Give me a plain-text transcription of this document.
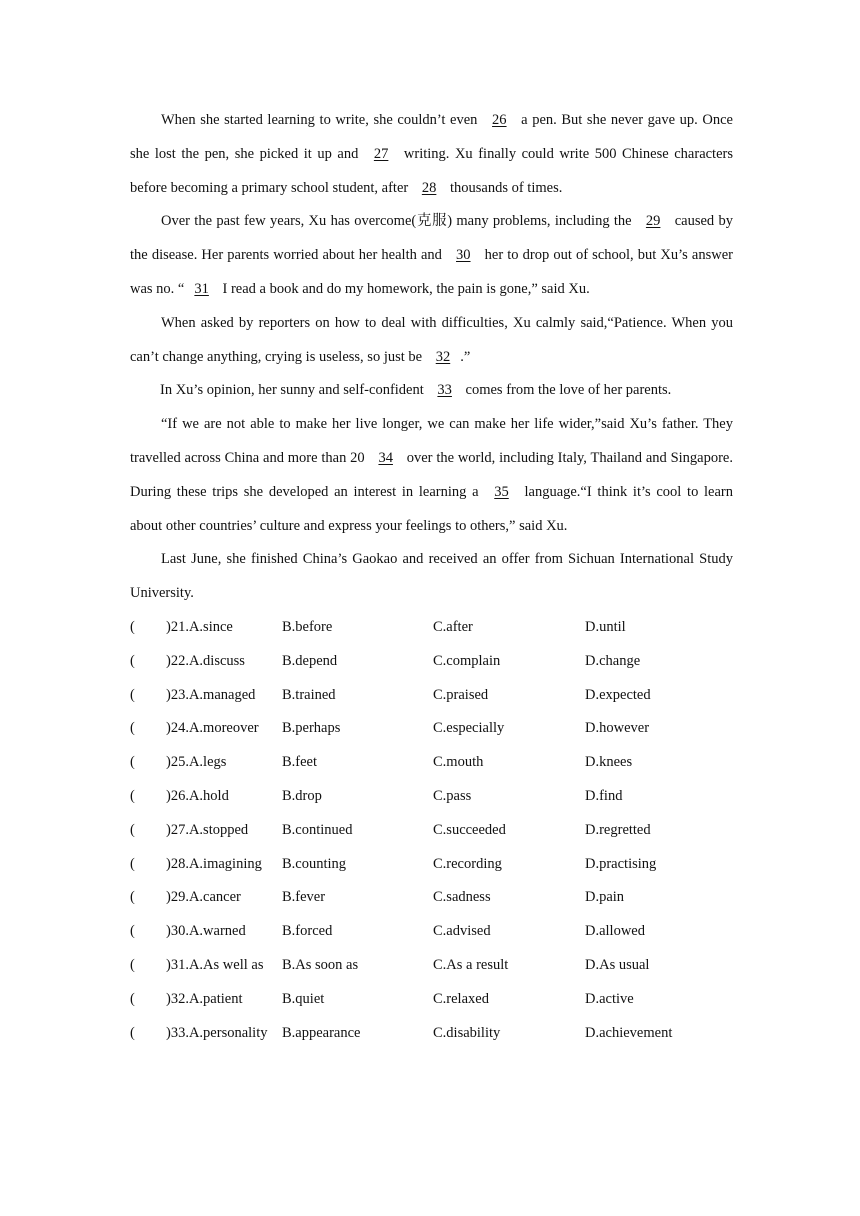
When she started learning to write, she couldn’t even 26 a pen. But she never gave up. Once she lost the pen, she picked it up and 27 writing. Xu finally could write 500 Chinese characters before becoming a primary school student, after 28 thousands of times.

Over the past few years, Xu has overcome(克服) many problems, including the 29 caused by the disease. Her parents worried about her health and 30 her to drop out of school, but Xu’s answer was no. “ 31 I read a book and do my homework, the pain is gone,” said Xu.

When asked by reporters on how to deal with difficulties, Xu calmly said,“Patience. When you can’t change anything, crying is useless, so just be 32 .”

In Xu’s opinion, her sunny and self-confident 33 comes from the love of her parents.

“If we are not able to make her live longer, we can make her life wider,”said Xu’s father. They travelled across China and more than 20 34 over the world, including Italy, Thailand and Singapore. During these trips she developed an interest in learning a 35 language.“I think it’s cool to learn about other countries’ culture and express your feelings to others,” said Xu.

Last June, she finished China’s Gaokao and received an offer from Sichuan International Study University.

( )21.A.since	B.before	C.after	D.until
( )22.A.discuss	B.depend	C.complain	D.change
( )23.A.managed B.trained	C.praised	D.expected
( )24.A.moreover B.perhaps	C.especially	D.however
( )25.A.legs	B.feet	C.mouth	D.knees
( )26.A.hold	B.drop	C.pass	D.find
( )27.A.stopped B.continued	C.succeeded	D.regretted
( )28.A.imagining B.counting	C.recording	D.practising
( )29.A.cancer	B.fever	C.sadness	D.pain
( )30.A.warned	B.forced	C.advised	D.allowed
( )31.A.As well as B.As soon as	C.As a result	D.As usual
( )32.A.patient	B.quiet	C.relaxed	D.active
( )33.A.personality B.appearance	C.disability	D.achievement
